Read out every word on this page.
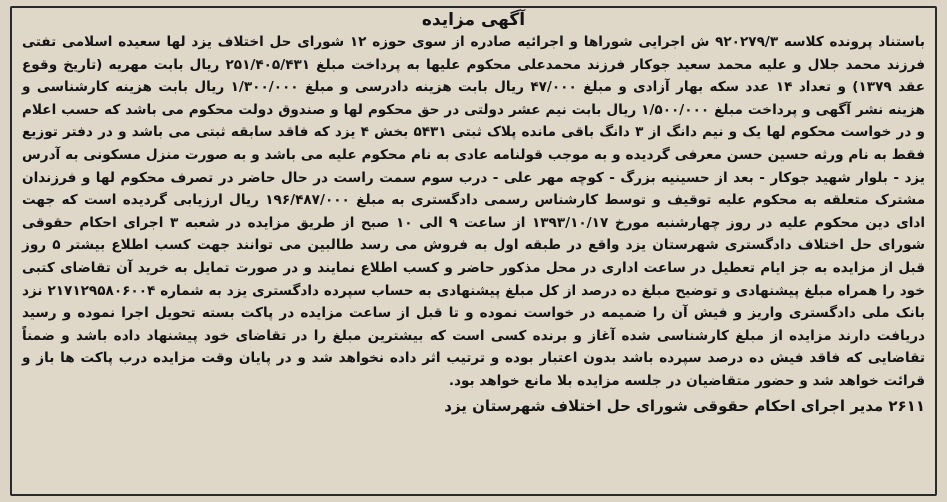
آگهی مزایده

باستناد پرونده کلاسه ۹۲۰۲۷۹/۳ ش اجرایی شوراها و اجرائیه صادره از سوی حوزه ۱۲ شورای حل اختلاف یزد لها سعیده اسلامی تفتی فرزند محمد جلال و علیه محمد سعید جوکار فرزند محمدعلی محکوم علیها به پرداخت مبلغ ۲۵۱/۴۰۵/۴۳۱ ریال بابت مهریه (تاریخ وقوع عقد ۱۳۷۹) و تعداد ۱۴ عدد سکه بهار آزادی و مبلغ ۴۷/۰۰۰ ریال بابت هزینه دادرسی و مبلغ ۱/۳۰۰/۰۰۰ ریال بابت هزینه کارشناسی و هزینه نشر آگهی و پرداخت مبلغ ۱/۵۰۰/۰۰۰ ریال بابت نیم عشر دولتی در حق محکوم لها و صندوق دولت محکوم می باشد که حسب اعلام و در خواست محکوم لها یک و نیم دانگ از ۳ دانگ باقی مانده پلاک ثبتی ۵۴۳۱ بخش ۴ یزد که فاقد سابقه ثبتی می باشد و در دفتر توزیع فقط به نام ورثه حسین حسن معرفی گردیده و به موجب قولنامه عادی به نام محکوم علیه می باشد و به صورت منزل مسکونی به آدرس یزد - بلوار شهید جوکار - بعد از حسینیه بزرگ - کوچه مهر علی - درب سوم سمت راست در حال حاضر در تصرف محکوم لها و فرزندان مشترک متعلقه به محکوم علیه توقیف و توسط کارشناس رسمی دادگستری به مبلغ ۱۹۶/۴۸۷/۰۰۰ ریال ارزیابی گردیده است که جهت ادای دین محکوم علیه در روز چهارشنبه مورخ ۱۳۹۳/۱۰/۱۷ از ساعت ۹ الی ۱۰ صبح از طریق مزایده در شعبه ۳ اجرای احکام حقوقی شورای حل اختلاف دادگستری شهرستان یزد واقع در طبقه اول به فروش می رسد طالبین می توانند جهت کسب اطلاع بیشتر ۵ روز قبل از مزایده به جز ایام تعطیل در ساعت اداری در محل مذکور حاضر و کسب اطلاع نمایند و در صورت تمایل به خرید آن تقاضای کتبی خود را همراه مبلغ پیشنهادی و توضیح مبلغ ده درصد از کل مبلغ پیشنهادی به حساب سپرده دادگستری یزد به شماره ۲۱۷۱۲۹۵۸۰۶۰۰۴ نزد بانک ملی دادگستری واریز و فیش آن را ضمیمه در خواست نموده و تا قبل از ساعت مزایده در پاکت بسته تحویل اجرا نموده و رسید دریافت دارند مزایده از مبلغ کارشناسی شده آغاز و برنده کسی است که بیشترین مبلغ را در تقاضای خود پیشنهاد داده باشد و ضمناً تقاضایی که فاقد فیش ده درصد سپرده باشد بدون اعتبار بوده و ترتیب اثر داده نخواهد شد و در پایان وقت مزایده درب پاکت ها باز و قرائت خواهد شد و حضور متقاضیان در جلسه مزایده بلا مانع خواهد بود.

۲۶۱۱ مدیر اجرای احکام حقوقی شورای حل اختلاف شهرستان یزد
